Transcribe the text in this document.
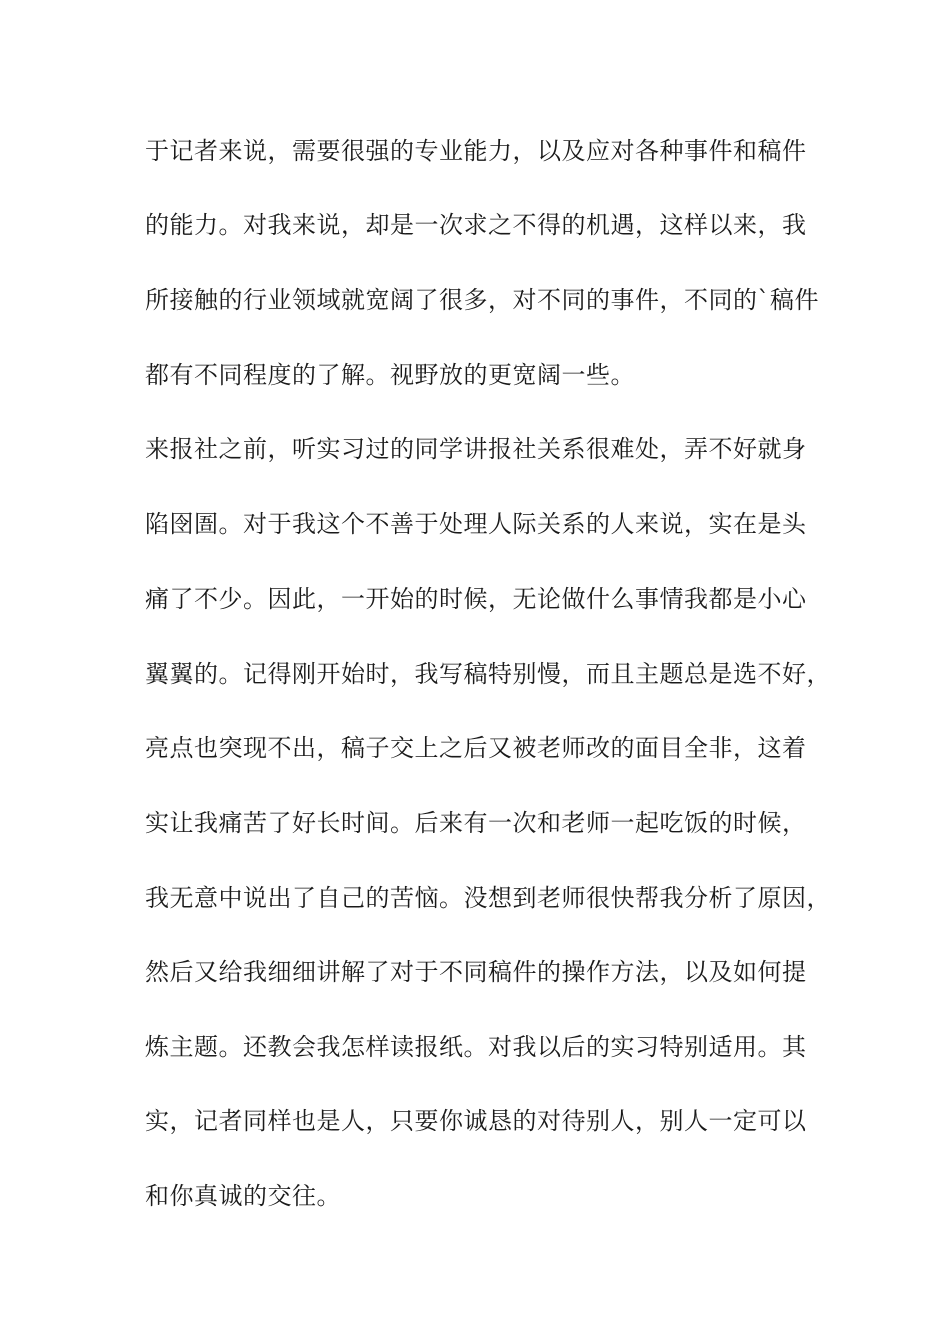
于记者来说，需要很强的专业能力，以及应对各种事件和稿件
的能力。对我来说，却是一次求之不得的机遇，这样以来，我
所接触的行业领域就宽阔了很多，对不同的事件，不同的`稿件
都有不同程度的了解。视野放的更宽阔一些。
来报社之前，听实习过的同学讲报社关系很难处，弄不好就身
陷囹圄。对于我这个不善于处理人际关系的人来说，实在是头
痛了不少。因此，一开始的时候，无论做什么事情我都是小心
翼翼的。记得刚开始时，我写稿特别慢，而且主题总是选不好，
亮点也突现不出，稿子交上之后又被老师改的面目全非，这着
实让我痛苦了好长时间。后来有一次和老师一起吃饭的时候，
我无意中说出了自己的苦恼。没想到老师很快帮我分析了原因，
然后又给我细细讲解了对于不同稿件的操作方法，以及如何提
炼主题。还教会我怎样读报纸。对我以后的实习特别适用。其
实，记者同样也是人，只要你诚恳的对待别人，别人一定可以
和你真诚的交往。
